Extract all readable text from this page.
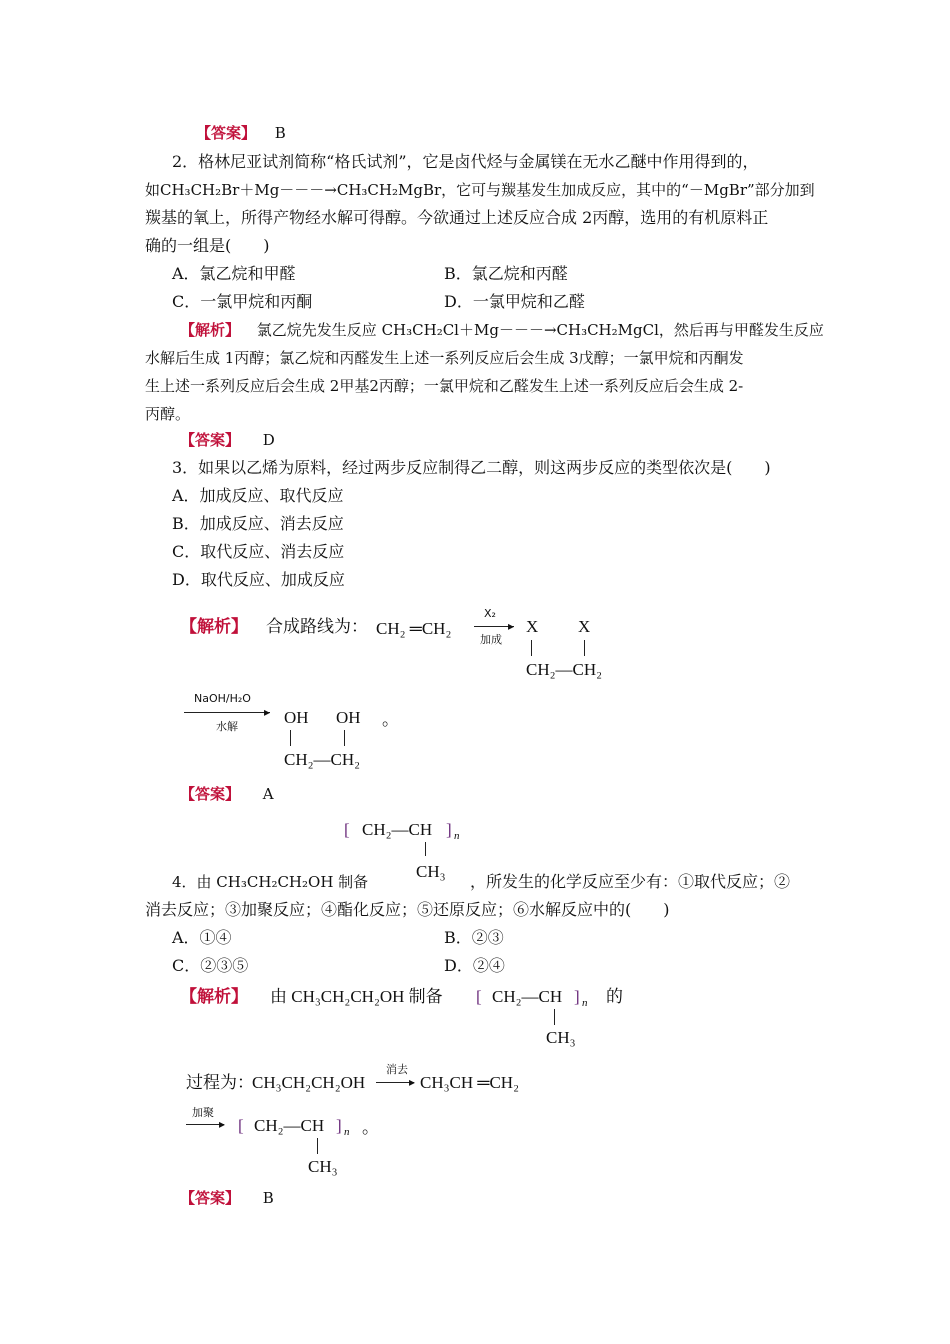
【答案】 B
2．格林尼亚试剂简称“格氏试剂”，它是卤代烃与金属镁在无水乙醚中作用得到的，
如CH₃CH₂Br＋Mg－－－→CH₃CH₂MgBr，它可与羰基发生加成反应，其中的“－MgBr”部分加到
羰基的氧上，所得产物经水解可得醇。今欲通过上述反应合成 2丙醇，选用的有机原料正
确的一组是(　　)
A．氯乙烷和甲醛	B．氯乙烷和丙醛
C．一氯甲烷和丙酮	D．一氯甲烷和乙醛
【解析】 氯乙烷先发生反应 CH₃CH₂Cl＋Mg－－－→CH₃CH₂MgCl，然后再与甲醛发生反应
水解后生成 1丙醇；氯乙烷和丙醛发生上述一系列反应后会生成 3戊醇；一氯甲烷和丙酮发
生上述一系列反应后会生成 2甲基2丙醇；一氯甲烷和乙醛发生上述一系列反应后会生成 2-
丙醇。
【答案】 D
3．如果以乙烯为原料，经过两步反应制得乙二醇，则这两步反应的类型依次是(　　)
A．加成反应、取代反应
B．加成反应、消去反应
C．取代反应、消去反应
D．取代反应、加成反应
【解析】 合成路线为： CH₂ ═CH₂
X₂
▸
加成
X X
CH₂—CH₂
NaOH/H₂O
▸
水解	OH OH 。
CH₂—CH₂
【答案】 A
[ CH₂—CH ] n
CH₃
4．由 CH₃CH₂CH₂OH 制备	，所发生的化学反应至少有：①取代反应；②
消去反应；③加聚反应；④酯化反应；⑤还原反应；⑥水解反应中的(　　)
A．①④	B．②③
C．②③⑤	D．②④
【解析】 由 CH₃CH₂CH₂OH 制备 [ CH₂—CH ] n 的
CH₃
过程为：
CH₃CH₂CH₂OH
消去
▸ CH₃CH ═CH₂
加聚
▸ [ CH₂—CH ] n 。
CH₃
【答案】 B
